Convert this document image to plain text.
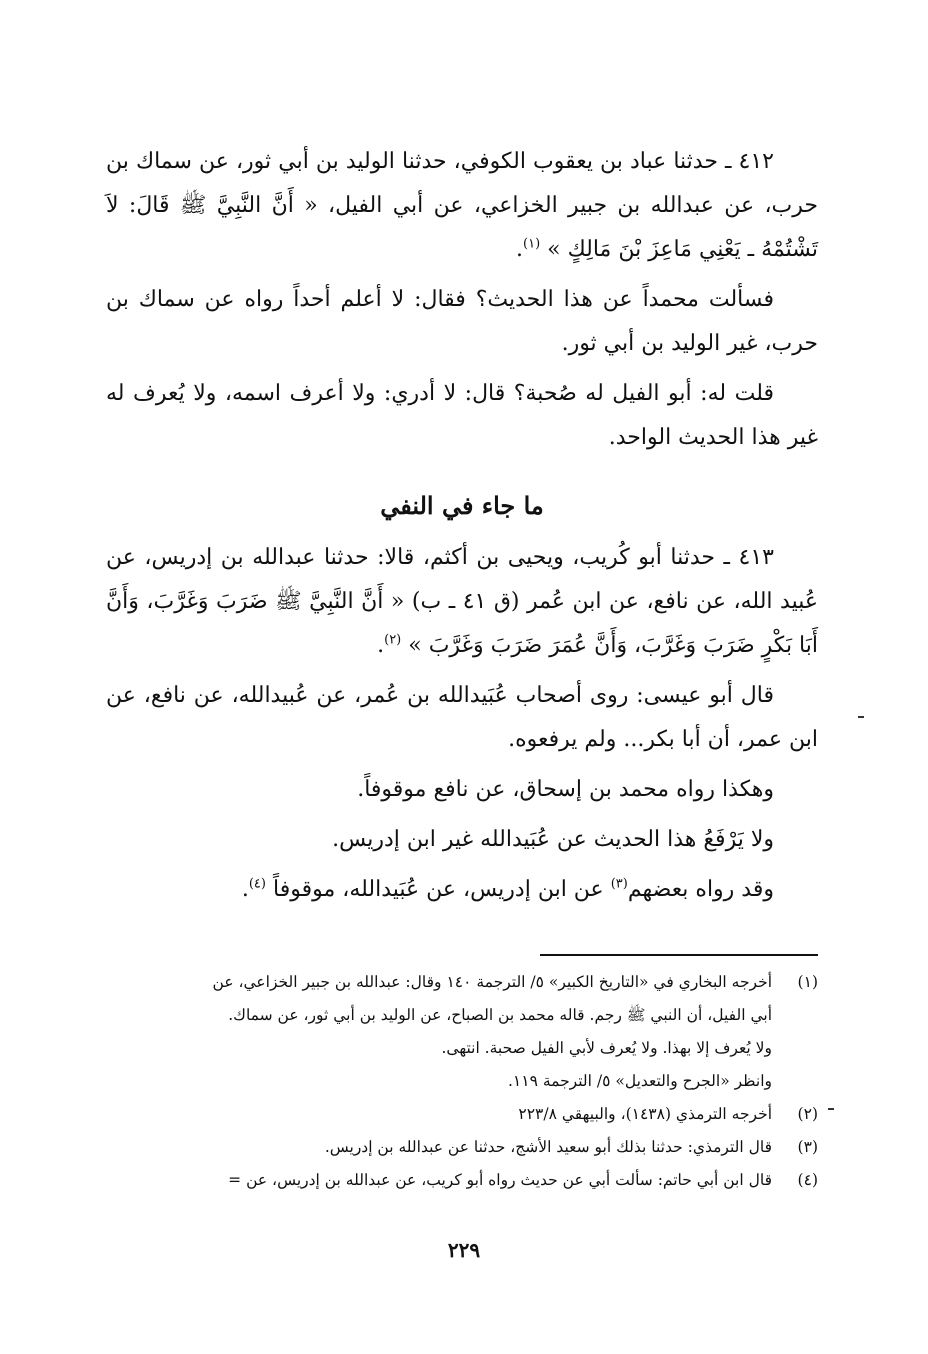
٤١٢ ـ حدثنا عباد بن يعقوب الكوفي، حدثنا الوليد بن أبي ثور، عن سماك بن حرب، عن عبدالله بن جبير الخزاعي، عن أبي الفيل، « أَنَّ النَّبِيَّ ﷺ قَالَ: لاَ تَشْتُمْهُ ـ يَعْنِي مَاعِزَ بْنَ مَالِكٍ » $^{(١)}$.

فسألت محمداً عن هذا الحديث؟ فقال: لا أعلم أحداً رواه عن سماك بن حرب، غير الوليد بن أبي ثور.

قلت له: أبو الفيل له صُحبة؟ قال: لا أدري: ولا أعرف اسمه، ولا يُعرف له غير هذا الحديث الواحد.

ما جاء في النفي

٤١٣ ـ حدثنا أبو كُريب، ويحيى بن أكثم، قالا: حدثنا عبدالله بن إدريس، عن عُبيد الله، عن نافع، عن ابن عُمر (ق ٤١ ـ ب) « أَنَّ النَّبِيَّ ﷺ ضَرَبَ وَغَرَّبَ، وَأَنَّ أَبَا بَكْرٍ ضَرَبَ وَغَرَّبَ، وَأَنَّ عُمَرَ ضَرَبَ وَغَرَّبَ » $^{(٢)}$.

قال أبو عيسى: روى أصحاب عُبَيدالله بن عُمر، عن عُبيدالله، عن نافع، عن ابن عمر، أن أبا بكر... ولم يرفعوه.

وهكذا رواه محمد بن إسحاق، عن نافع موقوفاً.

ولا يَرْفَعُ هذا الحديث عن عُبَيدالله غير ابن إدريس.

وقد رواه بعضهم$^{(٣)}$ عن ابن إدريس، عن عُبَيدالله، موقوفاً $^{(٤)}$.

(١)أخرجه البخاري في «التاريخ الكبير» ٥/ الترجمة ١٤٠ وقال: عبدالله بن جبير الخزاعي، عن

أبي الفيل، أن النبي ﷺ رجم. قاله محمد بن الصباح، عن الوليد بن أبي ثور، عن سماك.

ولا يُعرف إلا بهذا. ولا يُعرف لأبي الفيل صحبة. انتهى.

وانظر «الجرح والتعديل» ٥/ الترجمة ١١٩.

(٢)أخرجه الترمذي (١٤٣٨)، والبيهقي ٢٢٣/٨

(٣)قال الترمذي: حدثنا بذلك أبو سعيد الأشج، حدثنا عن عبدالله بن إدريس.

(٤)قال ابن أبي حاتم: سألت أبي عن حديث رواه أبو كريب، عن عبدالله بن إدريس، عن =

٢٢٩
